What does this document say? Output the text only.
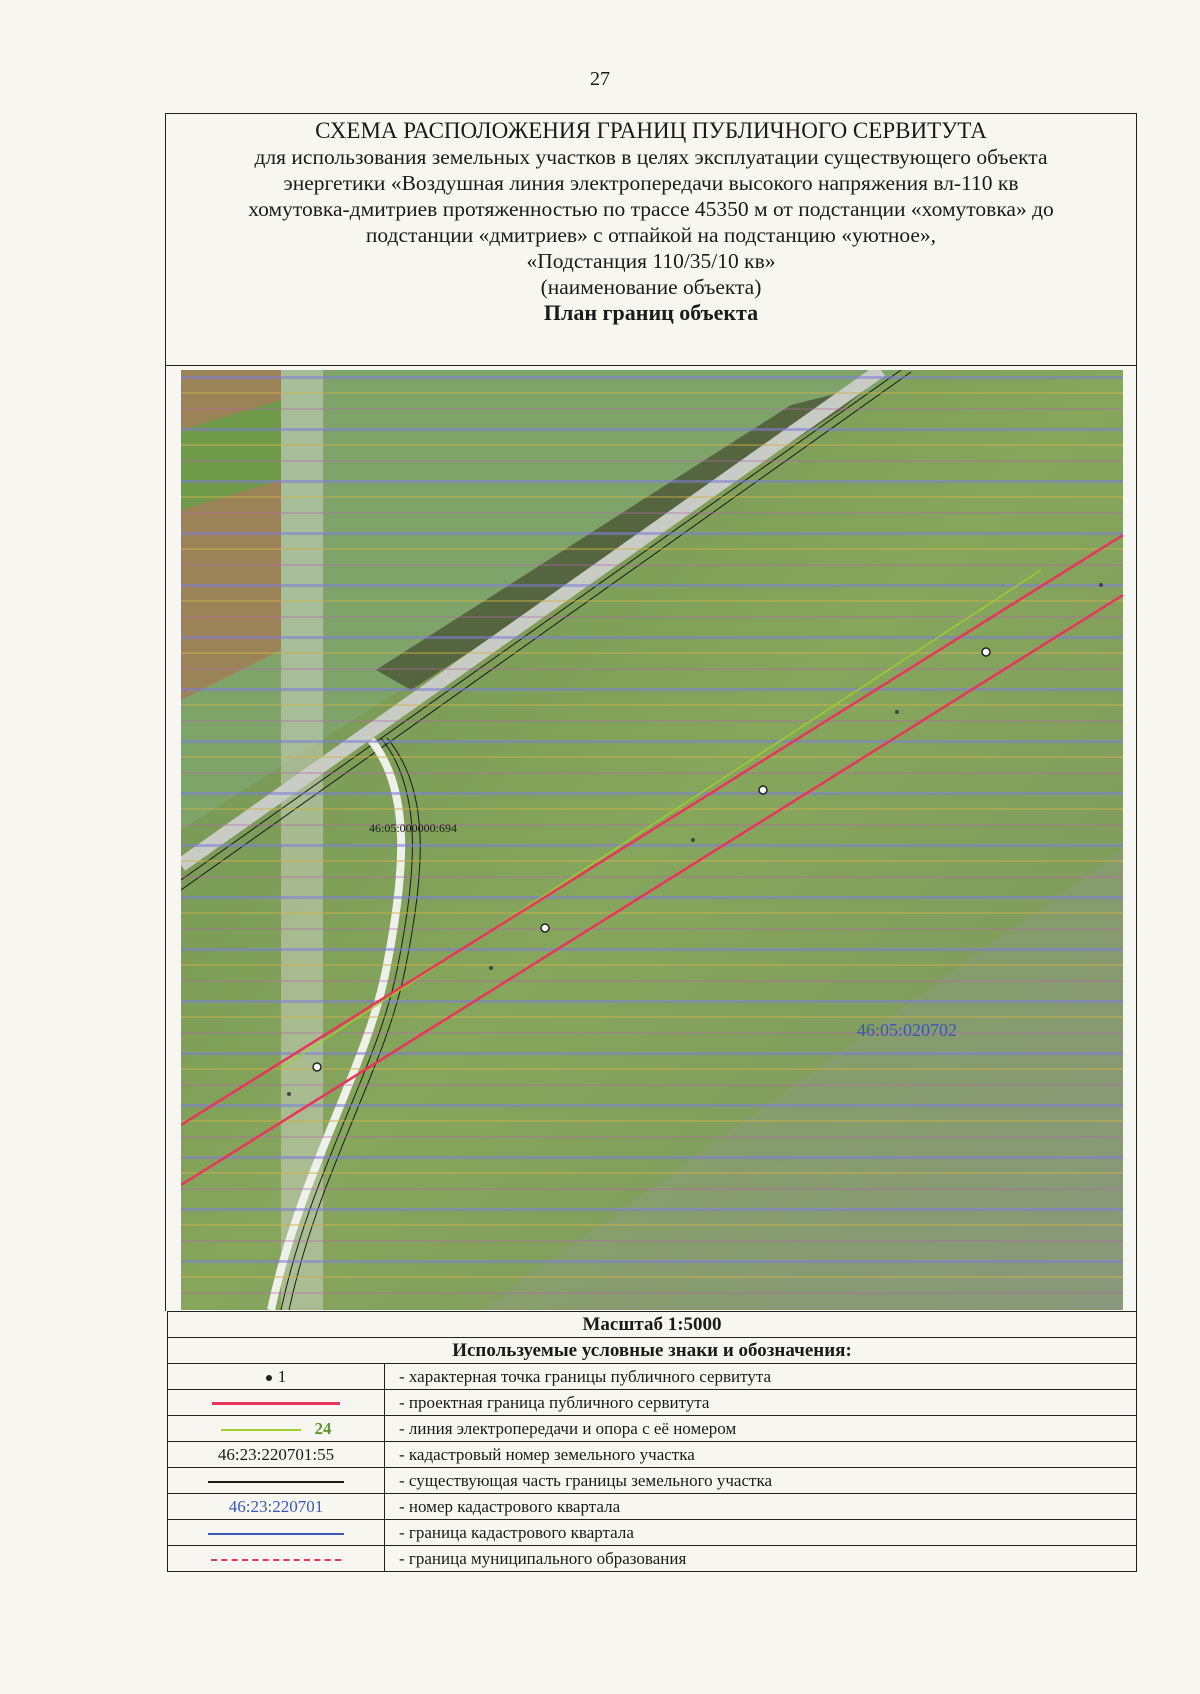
27
СХЕМА РАСПОЛОЖЕНИЯ ГРАНИЦ ПУБЛИЧНОГО СЕРВИТУТА
для использования земельных участков в целях эксплуатации существующего объекта
энергетики «Воздушная линия электропередачи высокого напряжения вл-110 кв
хомутовка-дмитриев протяженностью по трассе 45350 м от подстанции «хомутовка» до
подстанции «дмитриев» с отпайкой на подстанцию «уютное»,
«Подстанция 110/35/10 кв»
(наименование объекта)
План границ объекта
46:05:000000:694
46:05:020702
Масштаб 1:5000	
Используемые условные знаки и обозначения:	
1	- характерная точка границы публичного сервитута
	- проектная граница публичного сервитута
24	- линия электропередачи и опора с её номером
46:23:220701:55	- кадастровый номер земельного участка
	- существующая часть границы земельного участка
46:23:220701	- номер кадастрового квартала
	- граница кадастрового квартала
	- граница муниципального образования
